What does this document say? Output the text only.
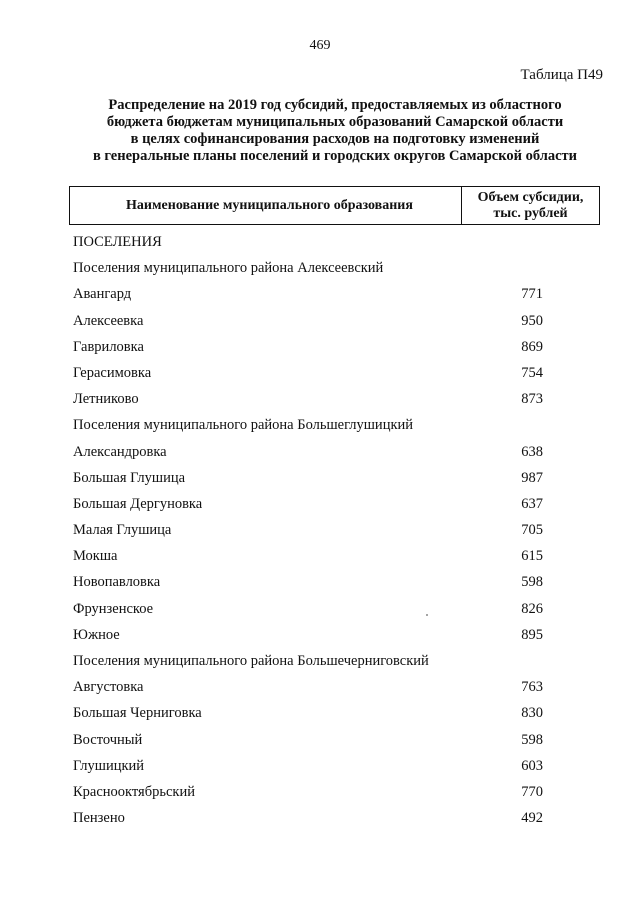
469
Таблица П49
Распределение на 2019 год субсидий, предоставляемых из областного
бюджета бюджетам муниципальных образований Самарской области
в целях софинансирования расходов на подготовку изменений
в генеральные планы поселений и городских округов Самарской области
Наименование муниципального образования	Объем субсидии,
тыс. рублей
ПОСЕЛЕНИЯ
Поселения муниципального района Алексеевский
Авангард	771
Алексеевка	950
Гавриловка	869
Герасимовка	754
Летниково	873
Поселения муниципального района Большеглушицкий
Александровка	638
Большая Глушица	987
Большая Дергуновка	637
Малая Глушица	705
Мокша	615
Новопавловка	598
Фрунзенское	826
Южное	895
Поселения муниципального района Большечерниговский
Августовка	763
Большая Черниговка	830
Восточный	598
Глушицкий	603
Краснооктябрьский	770
Пензено	492
